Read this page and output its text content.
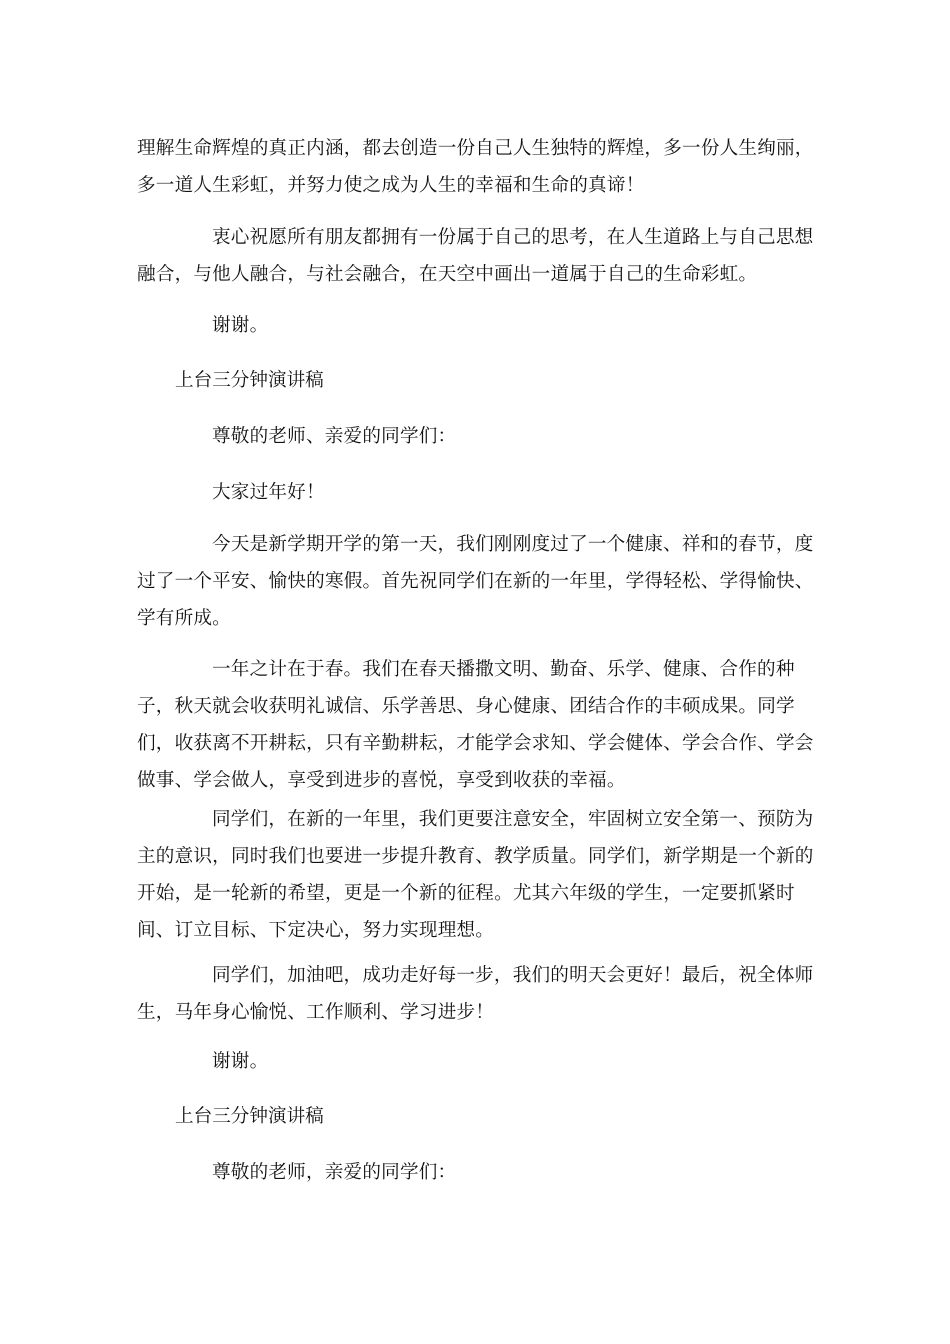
理解生命辉煌的真正内涵，都去创造一份自己人生独特的辉煌，多一份人生绚丽，多一道人生彩虹，并努力使之成为人生的幸福和生命的真谛！

衷心祝愿所有朋友都拥有一份属于自己的思考，在人生道路上与自己思想融合，与他人融合，与社会融合，在天空中画出一道属于自己的生命彩虹。

谢谢。

上台三分钟演讲稿

尊敬的老师、亲爱的同学们：

大家过年好！

今天是新学期开学的第一天，我们刚刚度过了一个健康、祥和的春节，度过了一个平安、愉快的寒假。首先祝同学们在新的一年里，学得轻松、学得愉快、学有所成。

一年之计在于春。我们在春天播撒文明、勤奋、乐学、健康、合作的种子，秋天就会收获明礼诚信、乐学善思、身心健康、团结合作的丰硕成果。同学们，收获离不开耕耘，只有辛勤耕耘，才能学会求知、学会健体、学会合作、学会做事、学会做人，享受到进步的喜悦，享受到收获的幸福。

同学们，在新的一年里，我们更要注意安全，牢固树立安全第一、预防为主的意识，同时我们也要进一步提升教育、教学质量。同学们，新学期是一个新的开始，是一轮新的希望，更是一个新的征程。尤其六年级的学生，一定要抓紧时间、订立目标、下定决心，努力实现理想。

同学们，加油吧，成功走好每一步，我们的明天会更好！最后，祝全体师生，马年身心愉悦、工作顺利、学习进步！

谢谢。

上台三分钟演讲稿

尊敬的老师，亲爱的同学们：
